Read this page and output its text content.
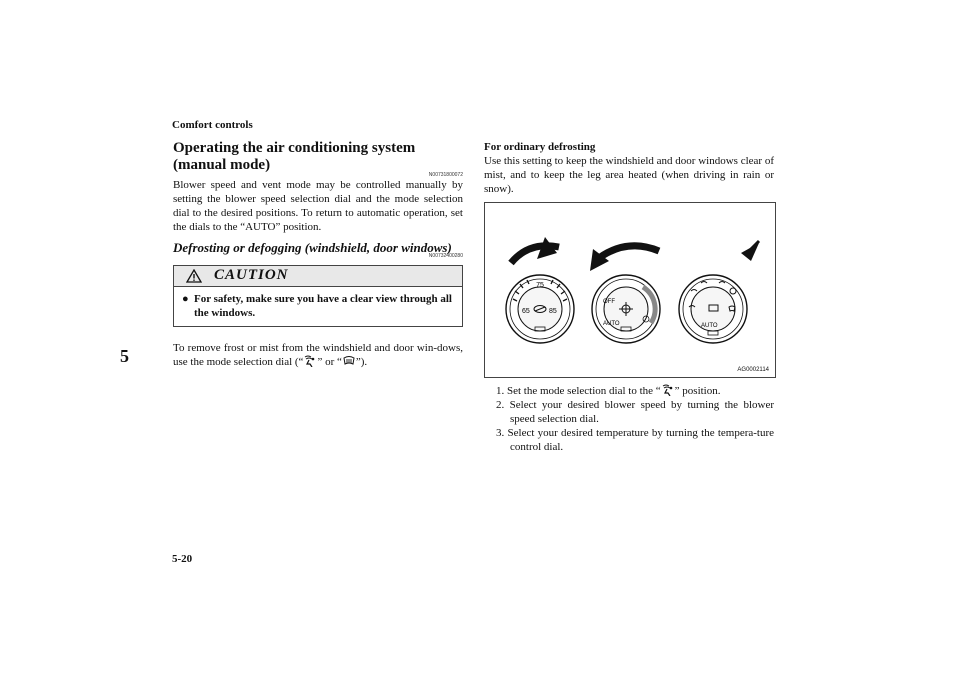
Comfort controls
5
5-20
Operating the air conditioning system (manual mode)
N00731800072

Blower speed and vent mode may be controlled manually by setting the blower speed selection dial and the mode selection dial to the desired positions. To return to automatic operation, set the dials to the “AUTO” position.

Defrosting or defogging (windshield, door windows)
N00732400280
CAUTION
● For safety, make sure you have a clear view through all the windows.

To remove frost or mist from the windshield and door win-dows, use the mode selection dial (“ ” or “ ”).

For ordinary defrosting

Use this setting to keep the windshield and door windows clear of mist, and to keep the leg area heated (when driving in rain or snow).

75
65	85
OFF
AUTO	AUTO
AG0002114
1. Set the mode selection dial to the “ ” position.
2. Select your desired blower speed by turning the blower speed selection dial.
3. Select your desired temperature by turning the tempera-ture control dial.
